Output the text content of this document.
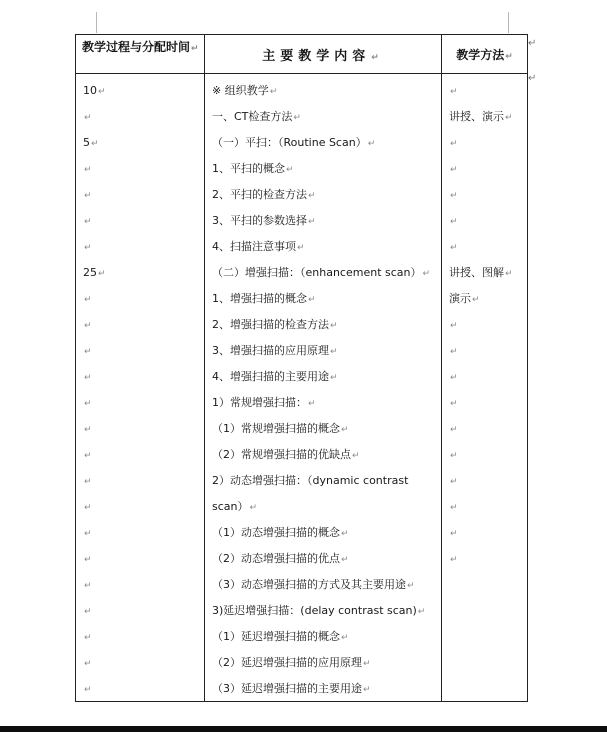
↵
↵
教学过程与分配时间↵	主要教学内容↵	教学方法↵
10↵	※ 组织教学↵	↵
↵	一、CT检查方法↵	讲授、演示↵
5↵	（一）平扫：（Routine Scan）↵	↵
↵	1、平扫的概念↵	↵
↵	2、平扫的检查方法↵	↵
↵	3、平扫的参数选择↵	↵
↵	4、扫描注意事项↵	↵
25↵	（二）增强扫描：（enhancement scan）↵	讲授、图解↵
↵	1、增强扫描的概念↵	演示↵
↵	2、增强扫描的检查方法↵	↵
↵	3、增强扫描的应用原理↵	↵
↵	4、增强扫描的主要用途↵	↵
↵	1）常规增强扫描：↵	↵
↵	（1）常规增强扫描的概念↵	↵
↵	（2）常规增强扫描的优缺点↵	↵
↵	2）动态增强扫描：（dynamic contrast	↵
↵	scan）↵	↵
↵	（1）动态增强扫描的概念↵	↵
↵	（2）动态增强扫描的优点↵	↵
↵	（3）动态增强扫描的方式及其主要用途↵	
↵	3)延迟增强扫描：(delay contrast scan)↵	
↵	（1）延迟增强扫描的概念↵	
↵	（2）延迟增强扫描的应用原理↵	
↵	（3）延迟增强扫描的主要用途↵	
